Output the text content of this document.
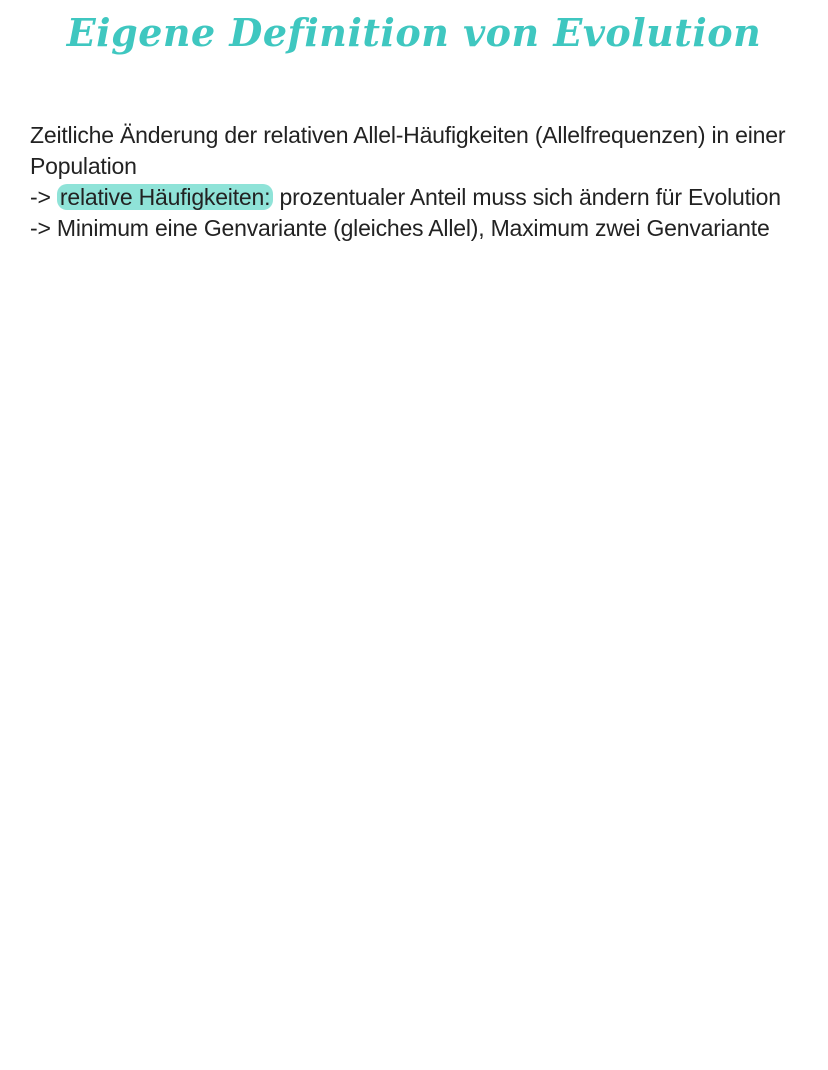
Eigene Definition von Evolution

Zeitliche Änderung der relativen Allel-Häufigkeiten (Allelfrequenzen) in einer Population

-> relative Häufigkeiten: prozentualer Anteil muss sich ändern für Evolution

-> Minimum eine Genvariante (gleiches Allel), Maximum zwei Genvariante
